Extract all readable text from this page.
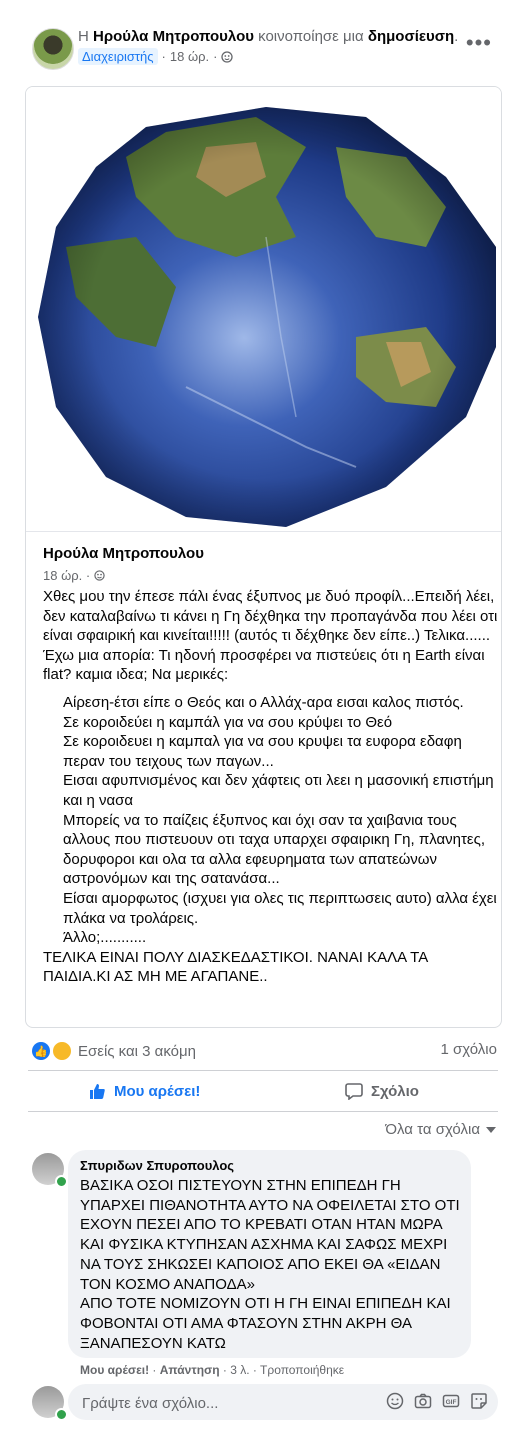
Η Ηρούλα Μητροπουλου κοινοποίησε μια δημοσίευση.
Διαχειριστής · 18 ώρ. ·
•••
Ηρούλα Μητροπουλου
18 ώρ. ·

Χθες μου την έπεσε πάλι ένας έξυπνος με δυό προφίλ...Επειδή λέει, δεν καταλαβαίνω τι κάνει η Γη δέχθηκα την προπαγάνδα που λέει οτι είναι σφαιρική και κινείται!!!!! (αυτός τι δέχθηκε δεν είπε..) Τελικα......

Έχω μια απορία: Τι ηδονή προσφέρει να πιστεύεις ότι η Earth είναι flat? καμια ιδεα; Να μερικές:

Αίρεση-έτσι είπε ο Θεός και ο Αλλάχ-αρα εισαι καλος πιστός.

Σε κοροιδεύει η καμπάλ για να σου κρύψει το Θεό

Σε κοροιδευει η καμπαλ για να σου κρυψει τα ευφορα εδαφη περαν του τειχους των παγων...

Εισαι αφυπνισμένος και δεν χάφτεις οτι λεει η μασονική επιστήμη και η νασα

Μπορείς να το παίζεις έξυπνος και όχι σαν τα χαιβανια τους αλλους που πιστευουν οτι ταχα υπαρχει σφαιρικη Γη, πλανητες, δορυφοροι και ολα τα αλλα εφευρηματα των απατεώνων αστρονόμων και της σατανάσα...

Είσαι αμορφωτος (ισχυει για ολες τις περιπτωσεις αυτο) αλλα έχει πλάκα να τρολάρεις.

Άλλο;...........

ΤΕΛΙΚΑ ΕΙΝΑΙ ΠΟΛΥ ΔΙΑΣΚΕΔΑΣΤΙΚΟΙ. ΝΑΝΑΙ ΚΑΛΑ ΤΑ ΠΑΙΔΙΑ.ΚΙ ΑΣ ΜΗ ΜΕ ΑΓΑΠΑΝΕ..

👍 Εσείς και 3 ακόμη	1 σχόλιο
Μου αρέσει!	Σχόλιο
Όλα τα σχόλια
Σπυριδων Σπυροπουλος

ΒΑΣΙΚΑ ΟΣΟΙ ΠΙΣΤΕΥΟΥΝ ΣΤΗΝ ΕΠΙΠΕΔΗ ΓΗ ΥΠΑΡΧΕΙ ΠΙΘΑΝΟΤΗΤΑ ΑΥΤΟ ΝΑ ΟΦΕΙΛΕΤΑΙ ΣΤΟ ΟΤΙ ΕΧΟΥΝ ΠΕΣΕΙ ΑΠΟ ΤΟ ΚΡΕΒΑΤΙ ΟΤΑΝ ΗΤΑΝ ΜΩΡΑ ΚΑΙ ΦΥΣΙΚΑ ΚΤΥΠΗΣΑΝ ΑΣΧΗΜΑ ΚΑΙ ΣΑΦΩΣ ΜΕΧΡΙ ΝΑ ΤΟΥΣ ΣΗΚΩΣΕΙ ΚΑΠΟΙΟΣ ΑΠΟ ΕΚΕΙ ΘΑ «ΕΙΔΑΝ ΤΟΝ ΚΟΣΜΟ ΑΝΑΠΟΔΑ»

ΑΠΟ ΤΟΤΕ ΝΟΜΙΖΟΥΝ ΟΤΙ Η ΓΗ ΕΙΝΑΙ ΕΠΙΠΕΔΗ ΚΑΙ ΦΟΒΟΝΤΑΙ ΟΤΙ ΑΜΑ ΦΤΑΣΟΥΝ ΣΤΗΝ ΑΚΡΗ ΘΑ ΞΑΝΑΠΕΣΟΥΝ ΚΑΤΩ

Μου αρέσει! · Απάντηση · 3 λ. · Τροποποιήθηκε
Γράψτε ένα σχόλιο...
GIF
